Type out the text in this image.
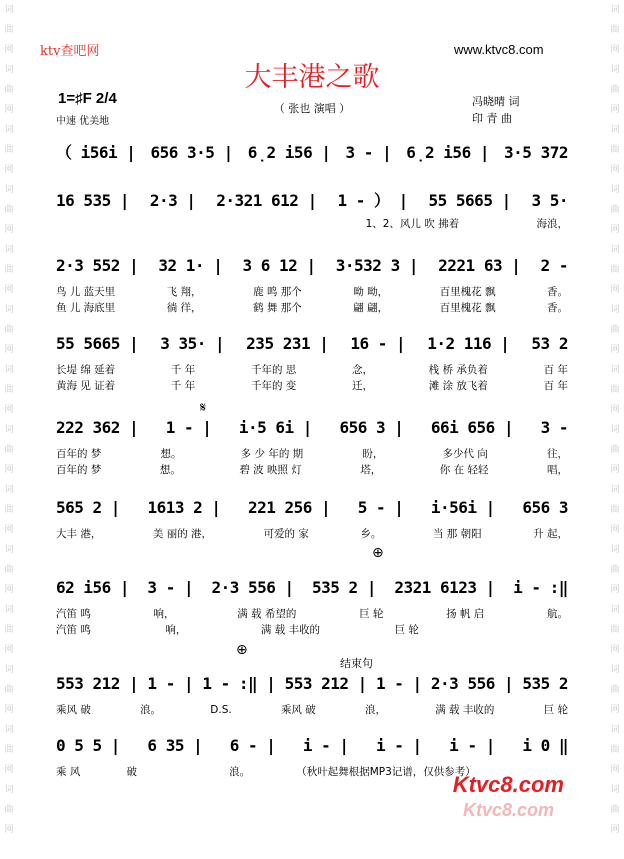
词
曲
网
词
曲
网
词
曲
网
词
曲
网
词
曲
网
词
曲
网
词
曲
网
词
曲
网
词
曲
网
词
曲
网
词
曲
网
词
曲
网
词
曲
网
词
曲
网
词
曲
网
词
曲
网
词
曲
网
词
曲
网
词
曲
网
词
曲
网
词
曲
网
词
曲
网
词
曲
网
词
曲
网
词
曲
网
词
曲
网
词
曲
网
词
曲
网
ktv查吧网	www.ktvc8.com
大丰港之歌
（ 张也 演唱 ）
1=♯F 2/4
中速 优美地
冯晓晴 词
印 青 曲
（ i56i | 656 3·5 | 6̣2 i56 | 3 - | 6̣2 i56 | 3·5 372
16 535 | 2·3 | 2·321 612 | 1 - ） | 55 5665 | 3 5·
1、2、风儿 吹 拂着	海浪，
2·3 552 | 32 1· | 3 6 12 | 3·532 3 | 2221 63 | 2 -
鸟 儿 蓝天里	飞 翔，	鹿 鸣 那个	呦 呦，	百里槐花 飘	香。
鱼 儿 海底里	徜 徉，	鹤 舞 那个	翩 翩，	百里槐花 飘	香。
55 5665 | 3 35· | 235 231 | 16 - | 1·2 116 | 53 2
长堤 绵 延着	千 年	千年的 思	念，	栈 桥 承负着	百 年
黄海 见 证着	千 年	千年的 变	迁，	滩 涂 放飞着	百 年
222 362 | 1 - | i·5 6i | 656 3 | 66i 656 | 3 -
百年的 梦	想。	多 少 年的 期	盼，	多少代 向	往，
百年的 梦	想。	碧 波 映照 灯	塔，	你 在 轻轻	唱，
565 2 | 1613 2 | 221 256 | 5 - | i·56i | 656 3
大丰 港，	美 丽的 港，	可爱的 家	乡。	当 那 朝阳	升 起，
62 i56 | 3 - | 2·3 556 | 535 2 | 2321 6123 | i - :‖
汽笛 鸣	响，	满 载 希望的	巨 轮	扬 帆 启	航。
汽笛 鸣	响，	满 载 丰收的	巨 轮
553 212 | 1 - | 1 - :‖ | 553 212 | 1 - | 2·3 556 | 535 2
乘风 破	浪。	D.S.	乘风 破	浪，	满 载 丰收的	巨 轮
0 5 5 | 6 35 | 6 - | i - | i - | i - | i 0 ‖
乘 风	破	浪。	（秋叶起舞根据MP3记谱，仅供参考）
𝄋
⊕
⊕
结束句
Ktvc8.com
Ktvc8.com
